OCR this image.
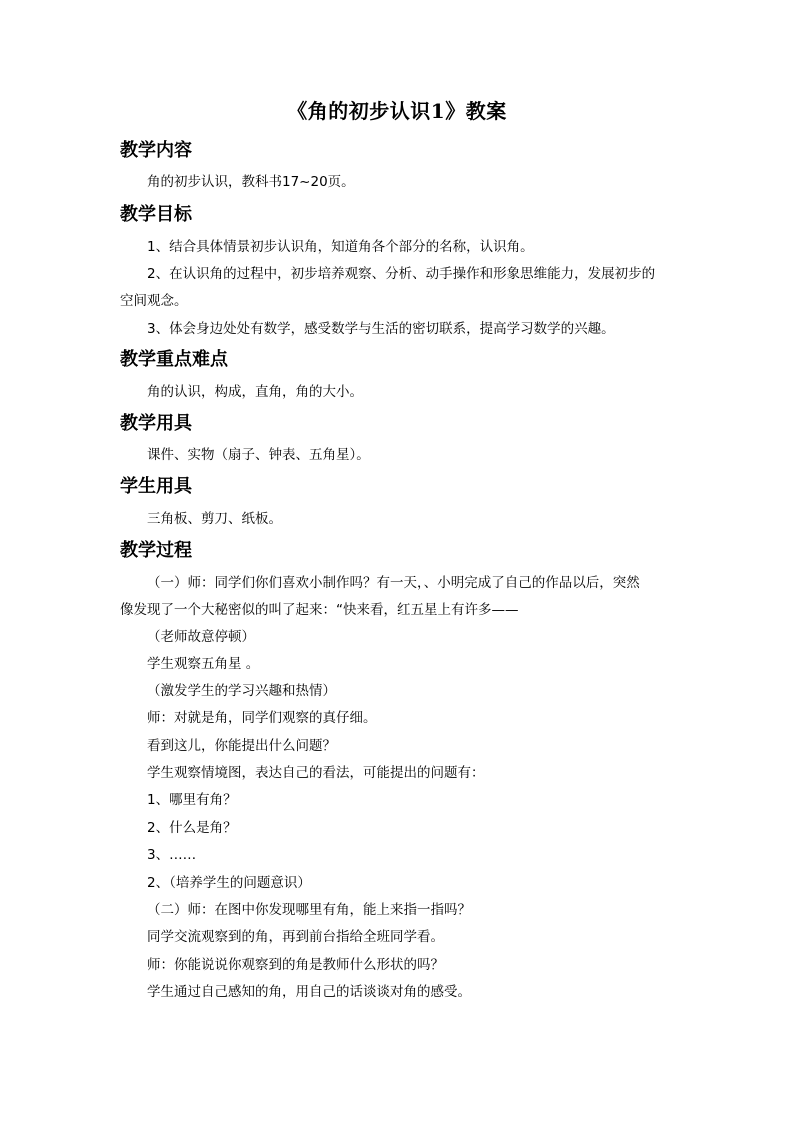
《角的初步认识1》教案
教学内容
角的初步认识，教科书17~20页。
教学目标
1、结合具体情景初步认识角，知道角各个部分的名称，认识角。
2、在认识角的过程中，初步培养观察、分析、动手操作和形象思维能力，发展初步的
空间观念。
3、体会身边处处有数学，感受数学与生活的密切联系，提高学习数学的兴趣。
教学重点难点
角的认识，构成，直角，角的大小。
教学用具
课件、实物（扇子、钟表、五角星）。
学生用具
三角板、剪刀、纸板。
教学过程
（一）师：同学们你们喜欢小制作吗？有一天，、小明完成了自己的作品以后，突然
像发现了一个大秘密似的叫了起来：“快来看，红五星上有许多——
（老师故意停顿）
学生观察五角星 。
（激发学生的学习兴趣和热情）
师：对就是角，同学们观察的真仔细。
看到这儿，你能提出什么问题？
学生观察情境图，表达自己的看法，可能提出的问题有：
1、哪里有角？
2、什么是角？
3、……
2、（培养学生的问题意识）
（二）师：在图中你发现哪里有角，能上来指一指吗？
同学交流观察到的角，再到前台指给全班同学看。
师：你能说说你观察到的角是教师什么形状的吗？
学生通过自己感知的角，用自己的话谈谈对角的感受。
